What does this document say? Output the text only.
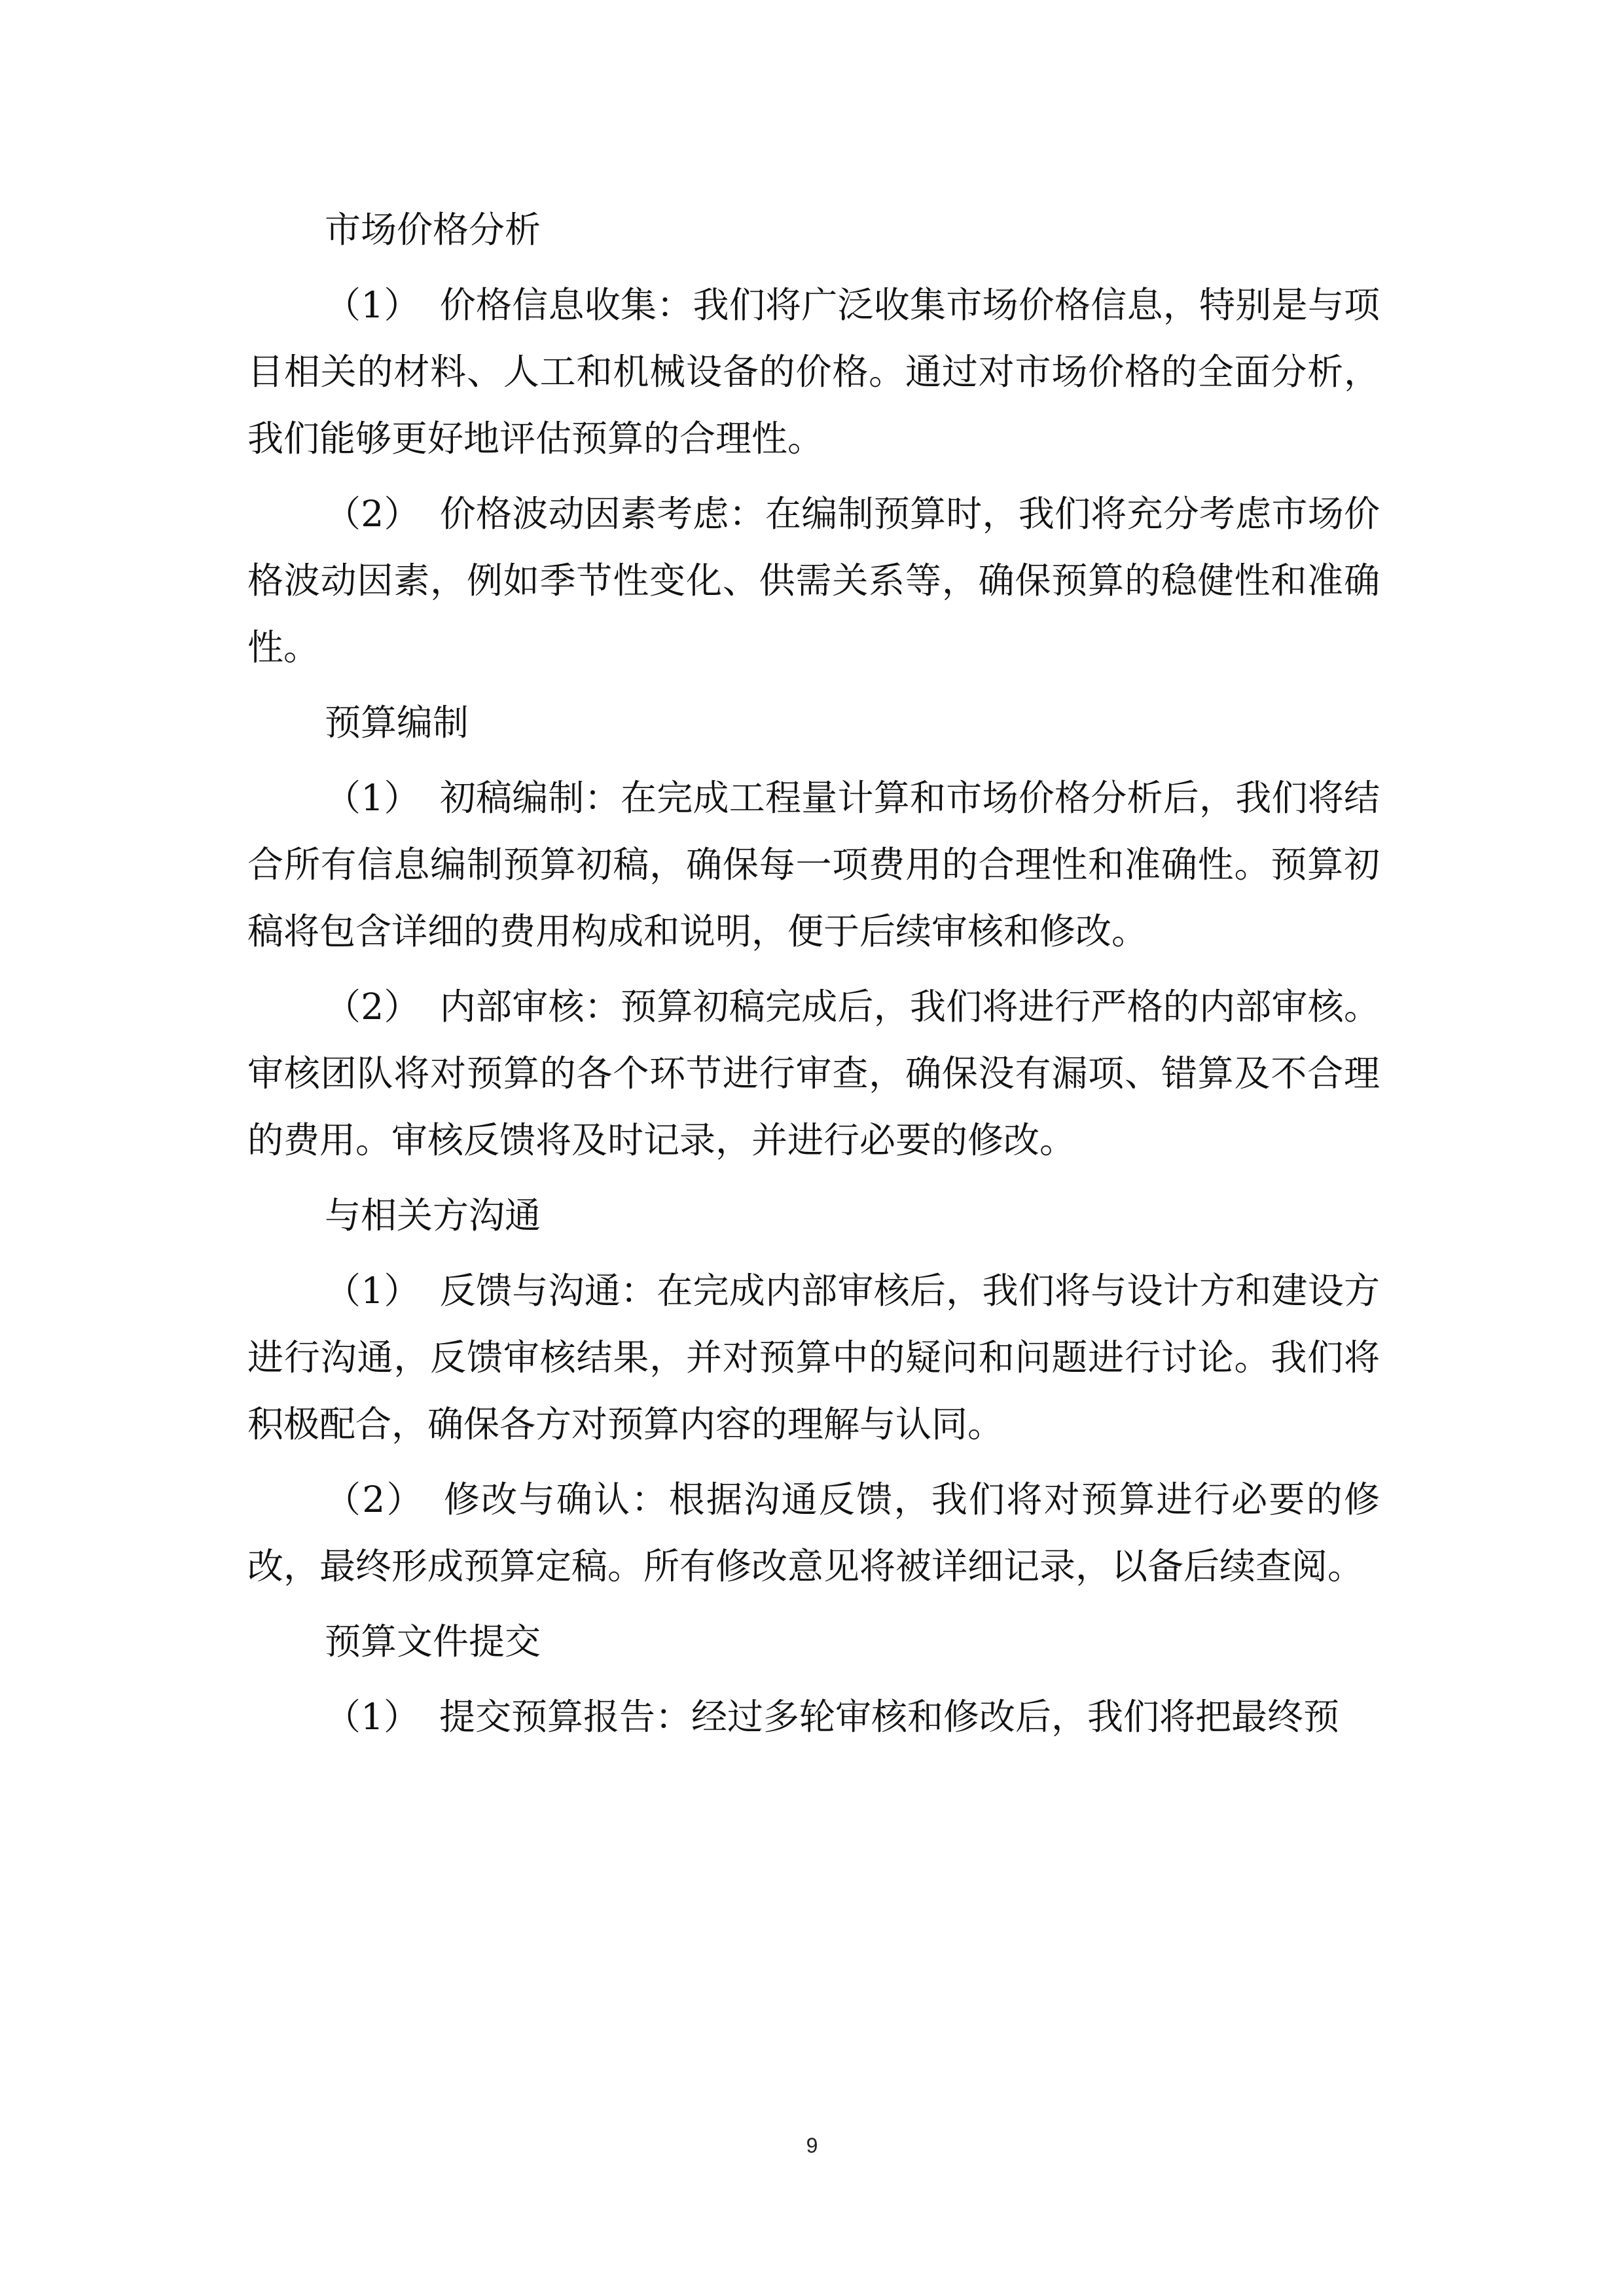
市场价格分析

（1） 价格信息收集：我们将广泛收集市场价格信息，特别是与项目相关的材料、人工和机械设备的价格。通过对市场价格的全面分析，我们能够更好地评估预算的合理性。

（2） 价格波动因素考虑：在编制预算时，我们将充分考虑市场价格波动因素，例如季节性变化、供需关系等，确保预算的稳健性和准确性。

预算编制

（1） 初稿编制：在完成工程量计算和市场价格分析后，我们将结合所有信息编制预算初稿，确保每一项费用的合理性和准确性。预算初稿将包含详细的费用构成和说明，便于后续审核和修改。

（2） 内部审核：预算初稿完成后，我们将进行严格的内部审核。审核团队将对预算的各个环节进行审查，确保没有漏项、错算及不合理的费用。审核反馈将及时记录，并进行必要的修改。

与相关方沟通

（1） 反馈与沟通：在完成内部审核后，我们将与设计方和建设方进行沟通，反馈审核结果，并对预算中的疑问和问题进行讨论。我们将积极配合，确保各方对预算内容的理解与认同。

（2） 修改与确认：根据沟通反馈，我们将对预算进行必要的修改，最终形成预算定稿。所有修改意见将被详细记录，以备后续查阅。

预算文件提交

（1） 提交预算报告：经过多轮审核和修改后，我们将把最终预

9
